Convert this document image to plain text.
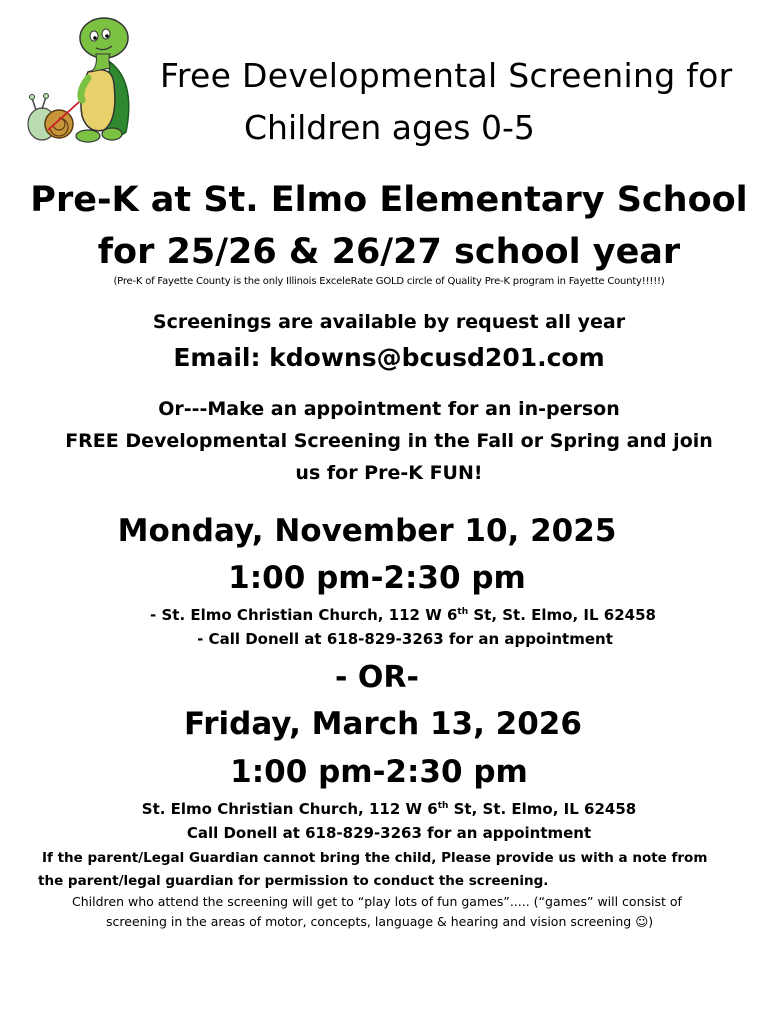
Free Developmental Screening for
Children ages 0-5
Pre-K at St. Elmo Elementary School
for 25/26 & 26/27 school year
(Pre-K of Fayette County is the only Illinois ExceleRate GOLD circle of Quality Pre-K program in Fayette County!!!!!)
Screenings are available by request all year
Email: kdowns@bcusd201.com
Or---Make an appointment for an in-person
FREE Developmental Screening in the Fall or Spring and join
us for Pre-K FUN!
Monday, November 10, 2025
1:00 pm-2:30 pm
- St. Elmo Christian Church, 112 W 6th St, St. Elmo, IL 62458
- Call Donell at 618-829-3263 for an appointment
- OR-
Friday, March 13, 2026
1:00 pm-2:30 pm
St. Elmo Christian Church, 112 W 6th St, St. Elmo, IL 62458
Call Donell at 618-829-3263 for an appointment
If the parent/Legal Guardian cannot bring the child, Please provide us with a note from
the parent/legal guardian for permission to conduct the screening.
Children who attend the screening will get to “play lots of fun games”..... (“games” will consist of
screening in the areas of motor, concepts, language & hearing and vision screening ☺)
